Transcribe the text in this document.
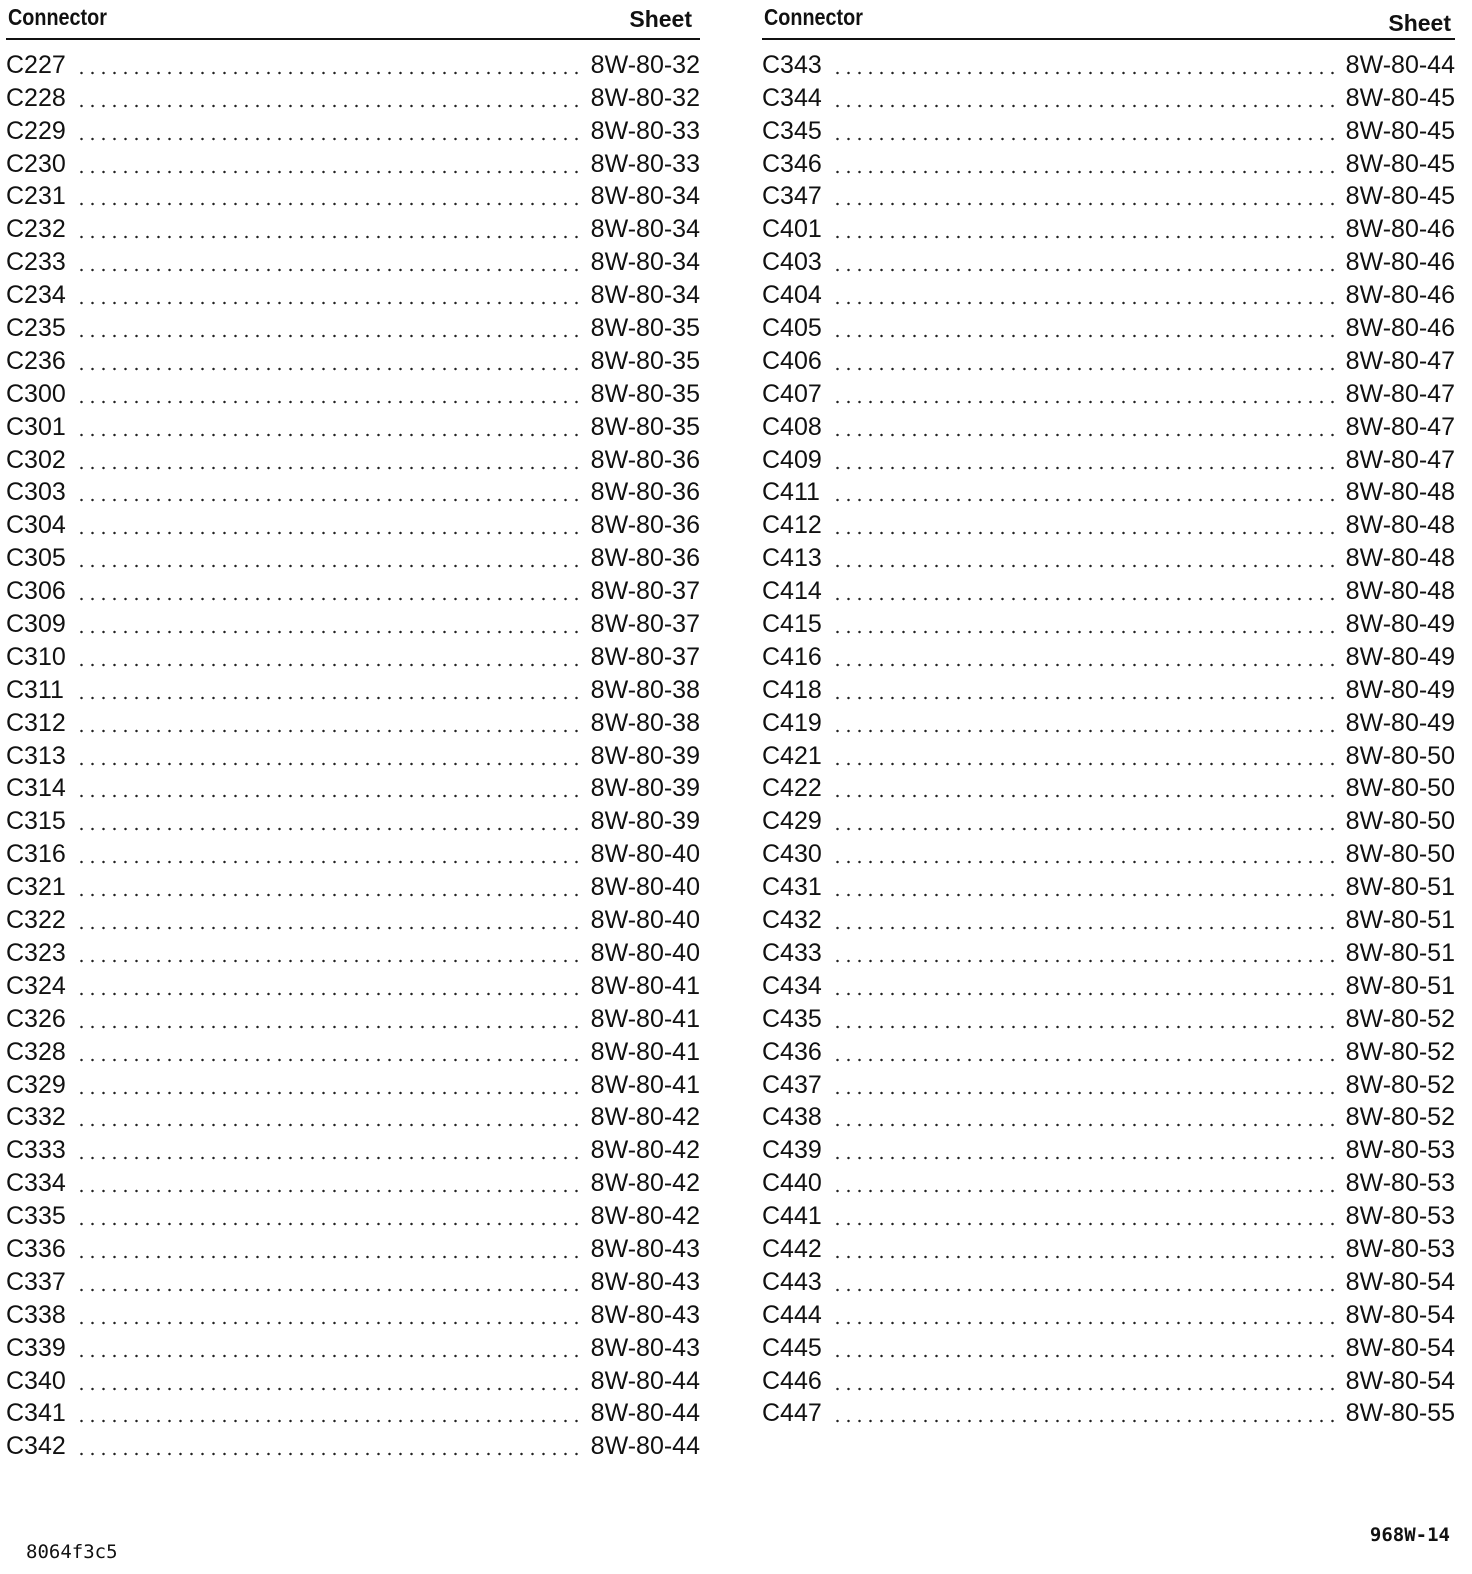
Connector	Sheet
C227	8W-80-32
C228	8W-80-32
C229	8W-80-33
C230	8W-80-33
C231	8W-80-34
C232	8W-80-34
C233	8W-80-34
C234	8W-80-34
C235	8W-80-35
C236	8W-80-35
C300	8W-80-35
C301	8W-80-35
C302	8W-80-36
C303	8W-80-36
C304	8W-80-36
C305	8W-80-36
C306	8W-80-37
C309	8W-80-37
C310	8W-80-37
C311	8W-80-38
C312	8W-80-38
C313	8W-80-39
C314	8W-80-39
C315	8W-80-39
C316	8W-80-40
C321	8W-80-40
C322	8W-80-40
C323	8W-80-40
C324	8W-80-41
C326	8W-80-41
C328	8W-80-41
C329	8W-80-41
C332	8W-80-42
C333	8W-80-42
C334	8W-80-42
C335	8W-80-42
C336	8W-80-43
C337	8W-80-43
C338	8W-80-43
C339	8W-80-43
C340	8W-80-44
C341	8W-80-44
C342	8W-80-44
Connector	Sheet
C343	8W-80-44
C344	8W-80-45
C345	8W-80-45
C346	8W-80-45
C347	8W-80-45
C401	8W-80-46
C403	8W-80-46
C404	8W-80-46
C405	8W-80-46
C406	8W-80-47
C407	8W-80-47
C408	8W-80-47
C409	8W-80-47
C411	8W-80-48
C412	8W-80-48
C413	8W-80-48
C414	8W-80-48
C415	8W-80-49
C416	8W-80-49
C418	8W-80-49
C419	8W-80-49
C421	8W-80-50
C422	8W-80-50
C429	8W-80-50
C430	8W-80-50
C431	8W-80-51
C432	8W-80-51
C433	8W-80-51
C434	8W-80-51
C435	8W-80-52
C436	8W-80-52
C437	8W-80-52
C438	8W-80-52
C439	8W-80-53
C440	8W-80-53
C441	8W-80-53
C442	8W-80-53
C443	8W-80-54
C444	8W-80-54
C445	8W-80-54
C446	8W-80-54
C447	8W-80-55
8064f3c5
968W-14
